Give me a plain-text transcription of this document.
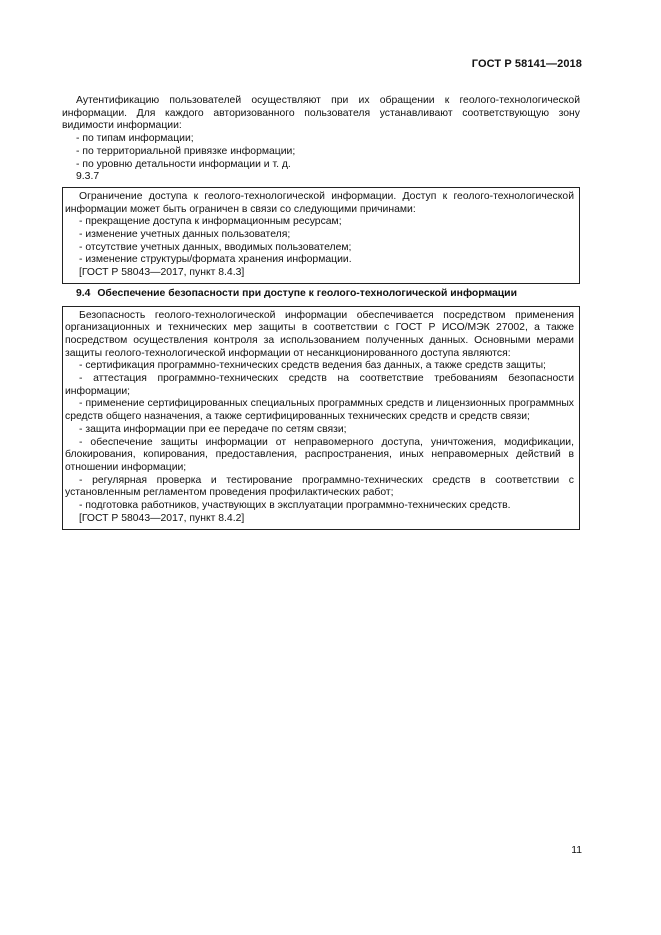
ГОСТ Р 58141—2018

Аутентификацию пользователей осуществляют при их обращении к геолого-технологической информации. Для каждого авторизованного пользователя устанавливают соответствующую зону видимости информации:

- по типам информации;

- по территориальной привязке информации;

- по уровню детальности информации и т. д.

9.3.7

Ограничение доступа к геолого-технологической информации. Доступ к геолого-технологической информации может быть ограничен в связи со следующими причинами:

- прекращение доступа к информационным ресурсам;

- изменение учетных данных пользователя;

- отсутствие учетных данных, вводимых пользователем;

- изменение структуры/формата хранения информации.

[ГОСТ Р 58043—2017, пункт 8.4.3]

9.4 Обеспечение безопасности при доступе к геолого-технологической информации

Безопасность геолого-технологической информации обеспечивается посредством применения организационных и технических мер защиты в соответствии с ГОСТ Р ИСО/МЭК 27002, а также посредством осуществления контроля за использованием полученных данных. Основными мерами защиты геолого-технологической информации от несанкционированного доступа являются:

- сертификация программно-технических средств ведения баз данных, а также средств защиты;

- аттестация программно-технических средств на соответствие требованиям безопасности информации;

- применение сертифицированных специальных программных средств и лицензионных программных средств общего назначения, а также сертифицированных технических средств и средств связи;

- защита информации при ее передаче по сетям связи;

- обеспечение защиты информации от неправомерного доступа, уничтожения, модификации, блокирования, копирования, предоставления, распространения, иных неправомерных действий в отношении информации;

- регулярная проверка и тестирование программно-технических средств в соответствии с установленным регламентом проведения профилактических работ;

- подготовка работников, участвующих в эксплуатации программно-технических средств.

[ГОСТ Р 58043—2017, пункт 8.4.2]

11
